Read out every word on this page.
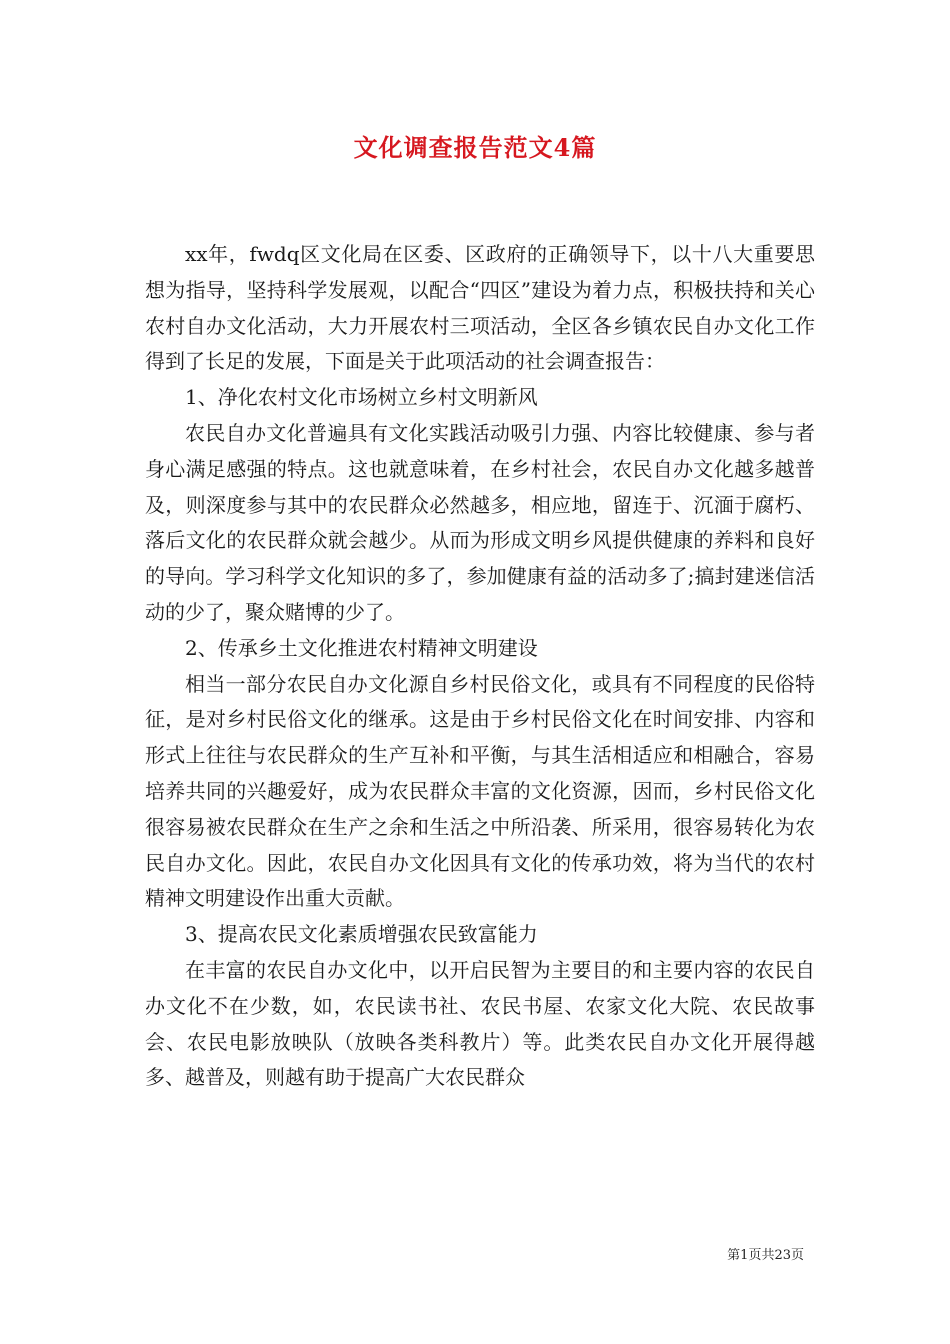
文化调查报告范文4篇

xx年，fwdq区文化局在区委、区政府的正确领导下，以十八大重要思想为指导，坚持科学发展观，以配合“四区”建设为着力点，积极扶持和关心农村自办文化活动，大力开展农村三项活动，全区各乡镇农民自办文化工作得到了长足的发展，下面是关于此项活动的社会调查报告：

1、净化农村文化市场树立乡村文明新风

农民自办文化普遍具有文化实践活动吸引力强、内容比较健康、参与者身心满足感强的特点。这也就意味着，在乡村社会，农民自办文化越多越普及，则深度参与其中的农民群众必然越多，相应地，留连于、沉湎于腐朽、落后文化的农民群众就会越少。从而为形成文明乡风提供健康的养料和良好的导向。学习科学文化知识的多了，参加健康有益的活动多了;搞封建迷信活动的少了，聚众赌博的少了。

2、传承乡土文化推进农村精神文明建设

相当一部分农民自办文化源自乡村民俗文化，或具有不同程度的民俗特征，是对乡村民俗文化的继承。这是由于乡村民俗文化在时间安排、内容和形式上往往与农民群众的生产互补和平衡，与其生活相适应和相融合，容易培养共同的兴趣爱好，成为农民群众丰富的文化资源，因而，乡村民俗文化很容易被农民群众在生产之余和生活之中所沿袭、所采用，很容易转化为农民自办文化。因此，农民自办文化因具有文化的传承功效，将为当代的农村精神文明建设作出重大贡献。

3、提高农民文化素质增强农民致富能力

在丰富的农民自办文化中，以开启民智为主要目的和主要内容的农民自办文化不在少数，如，农民读书社、农民书屋、农家文化大院、农民故事会、农民电影放映队（放映各类科教片）等。此类农民自办文化开展得越多、越普及，则越有助于提高广大农民群众

第1页共23页
